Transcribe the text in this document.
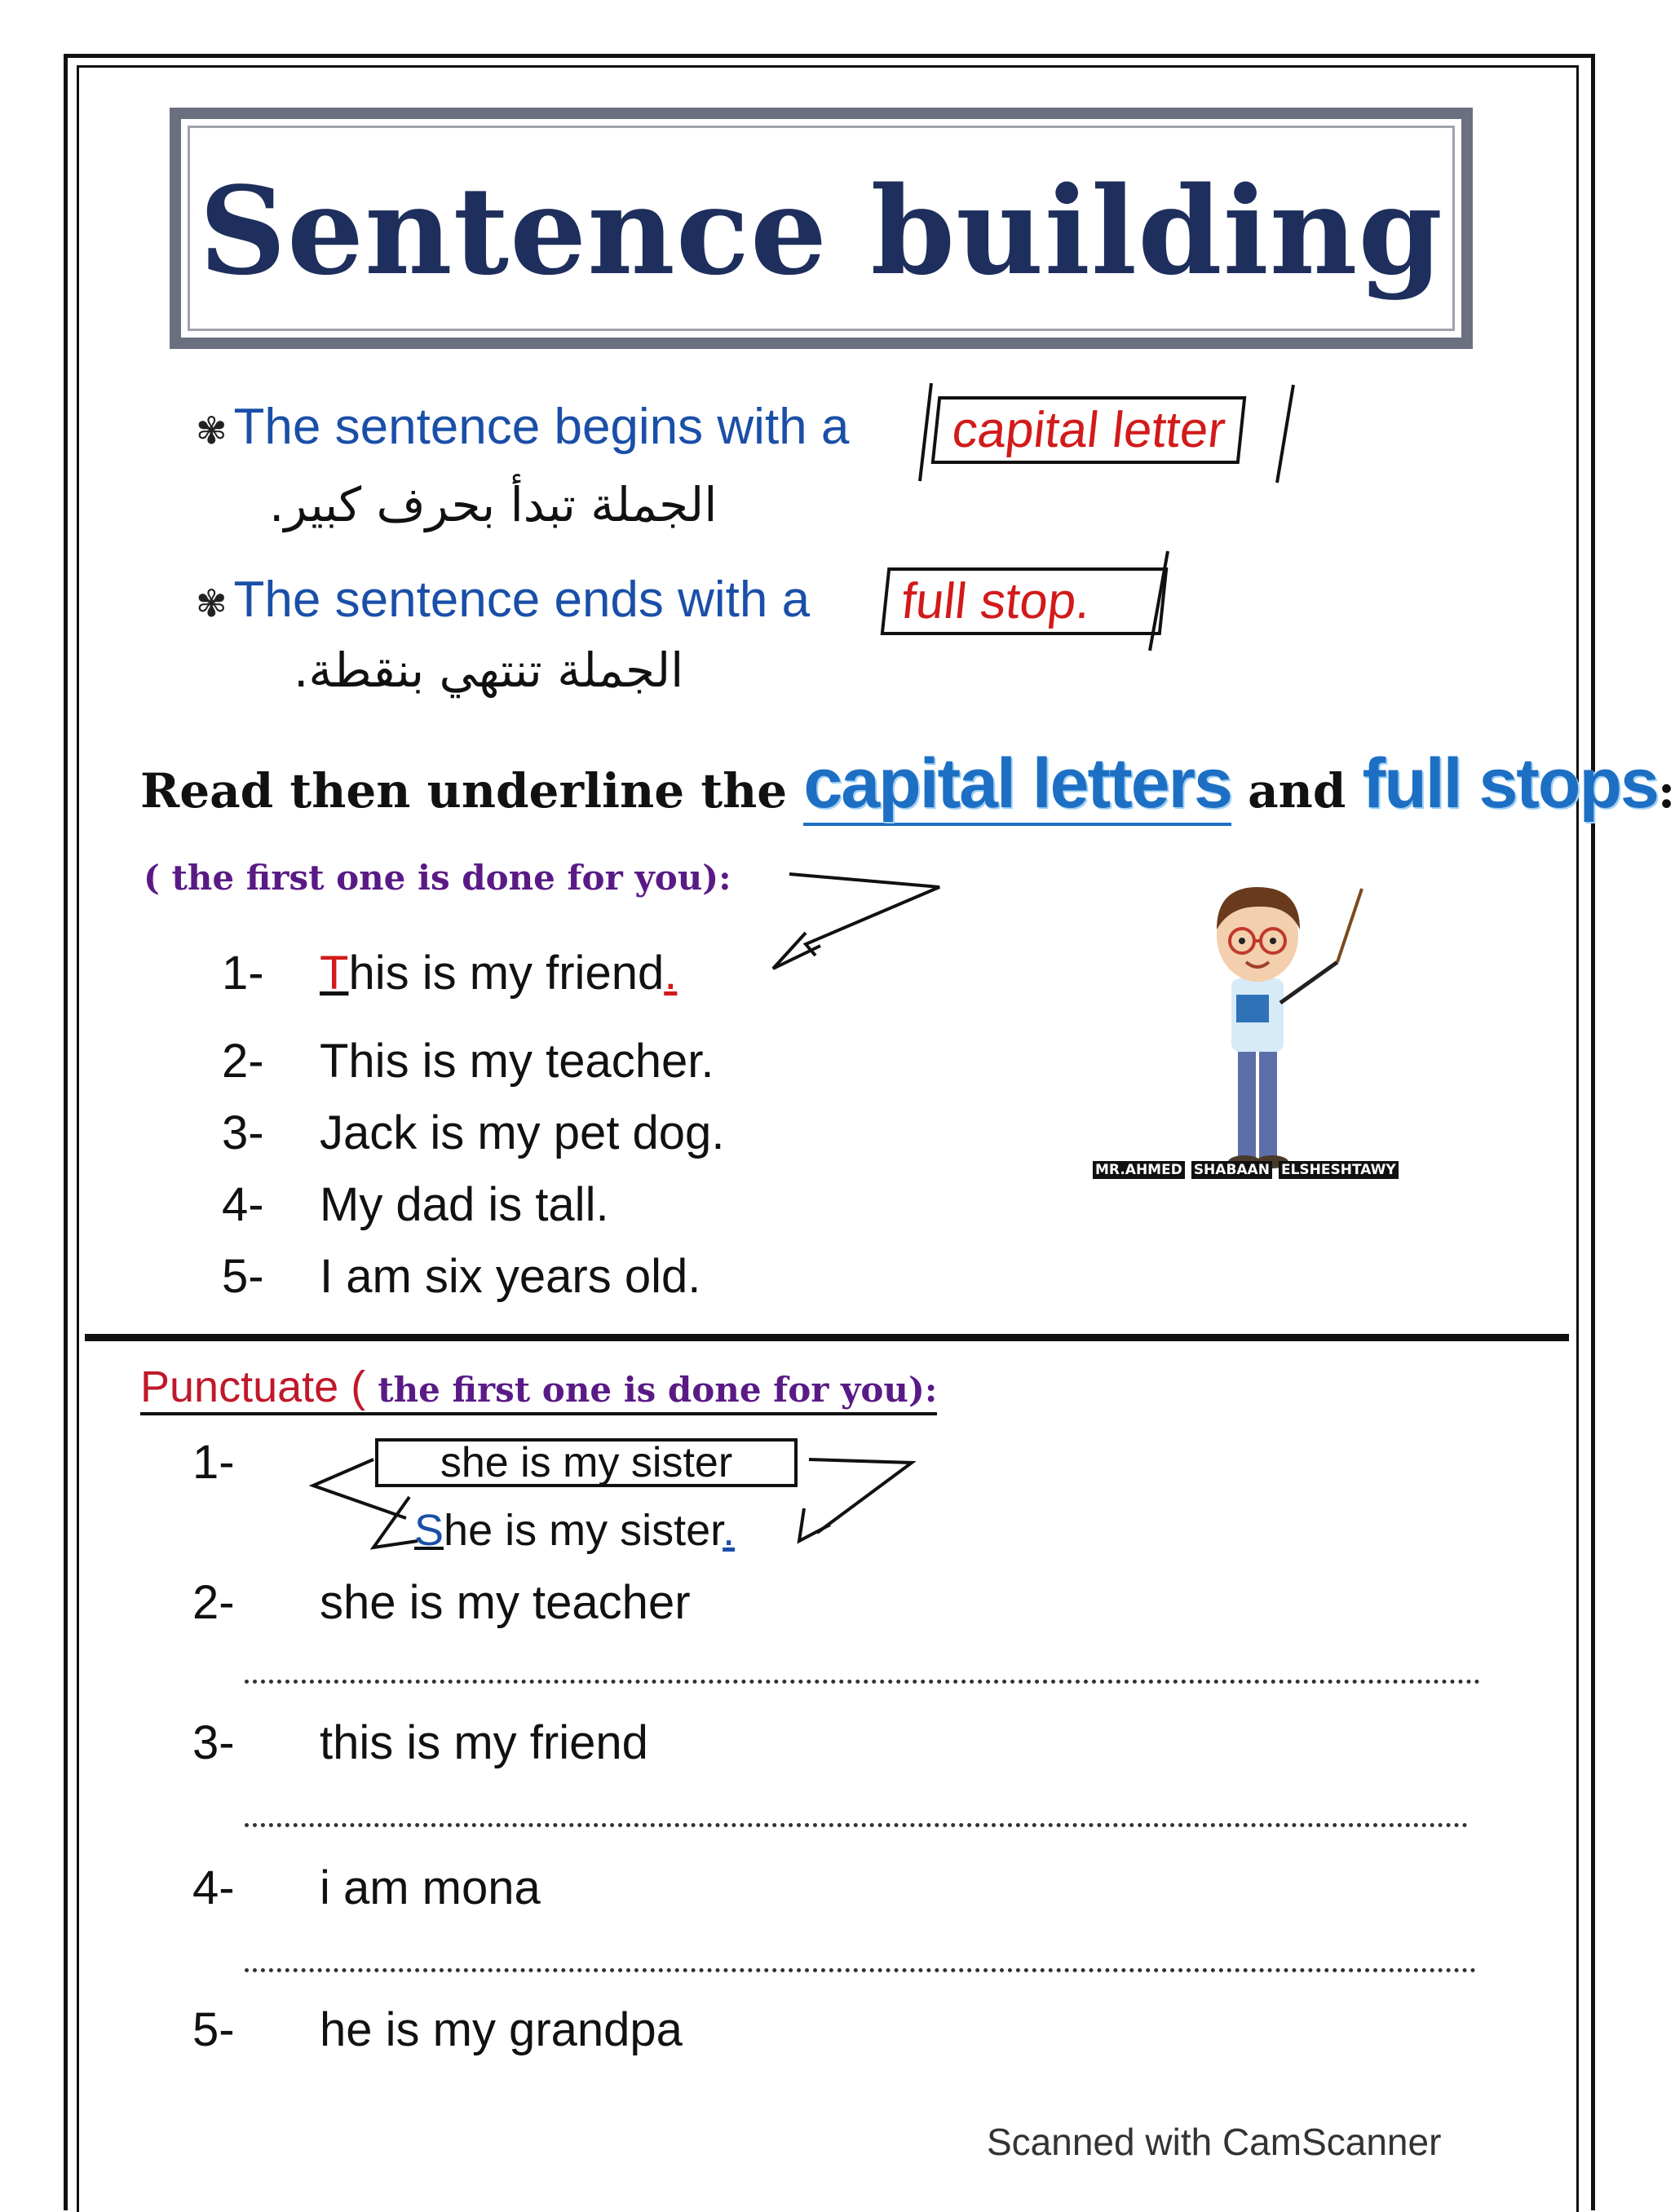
Sentence building
✾ The sentence begins with a	capital letter
الجملة تبدأ بحرف كبير.
✾ The sentence ends with a	full stop.
الجملة تنتهي بنقطة.
Read then underline the capital letters and full stops:
( the first one is done for you):
1- This is my friend.
2- This is my teacher.
3- Jack is my pet dog.
4- My dad is tall.
5- I am six years old.
MR.AHMED SHABAAN ELSHESHTAWY
Punctuate ( the first one is done for you):
1-	she is my sister
She is my sister.
2- she is my teacher
3- this is my friend
4- i am mona
5- he is my grandpa
Scanned with CamScanner
